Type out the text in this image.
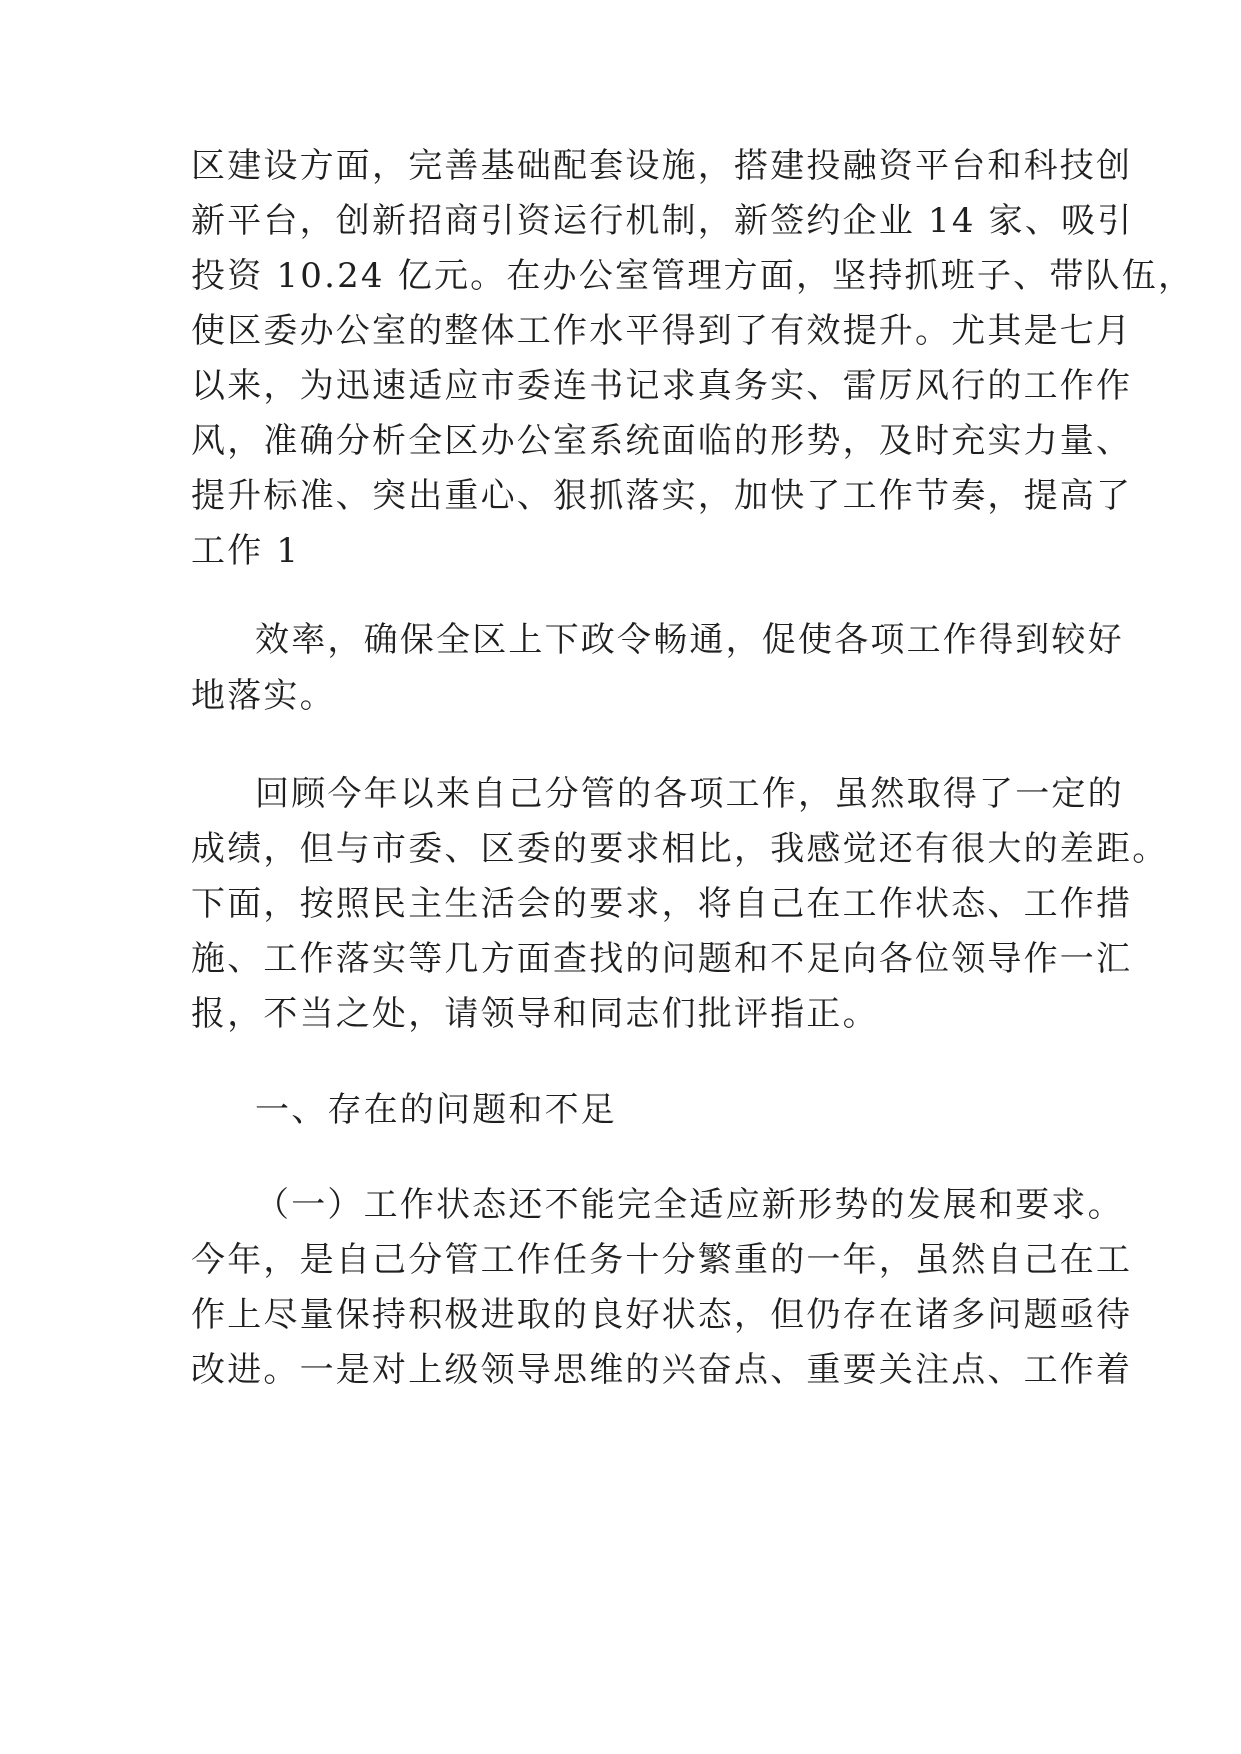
区建设方面，完善基础配套设施，搭建投融资平台和科技创
新平台，创新招商引资运行机制，新签约企业 14 家、吸引
投资 10.24 亿元。在办公室管理方面，坚持抓班子、带队伍，
使区委办公室的整体工作水平得到了有效提升。尤其是七月
以来，为迅速适应市委连书记求真务实、雷厉风行的工作作
风，准确分析全区办公室系统面临的形势，及时充实力量、
提升标准、突出重心、狠抓落实，加快了工作节奏，提高了
工作 1
效率，确保全区上下政令畅通，促使各项工作得到较好
地落实。
回顾今年以来自己分管的各项工作，虽然取得了一定的
成绩，但与市委、区委的要求相比，我感觉还有很大的差距。
下面，按照民主生活会的要求，将自己在工作状态、工作措
施、工作落实等几方面查找的问题和不足向各位领导作一汇
报，不当之处，请领导和同志们批评指正。
一、存在的问题和不足
（一）工作状态还不能完全适应新形势的发展和要求。
今年，是自己分管工作任务十分繁重的一年，虽然自己在工
作上尽量保持积极进取的良好状态，但仍存在诸多问题亟待
改进。一是对上级领导思维的兴奋点、重要关注点、工作着
